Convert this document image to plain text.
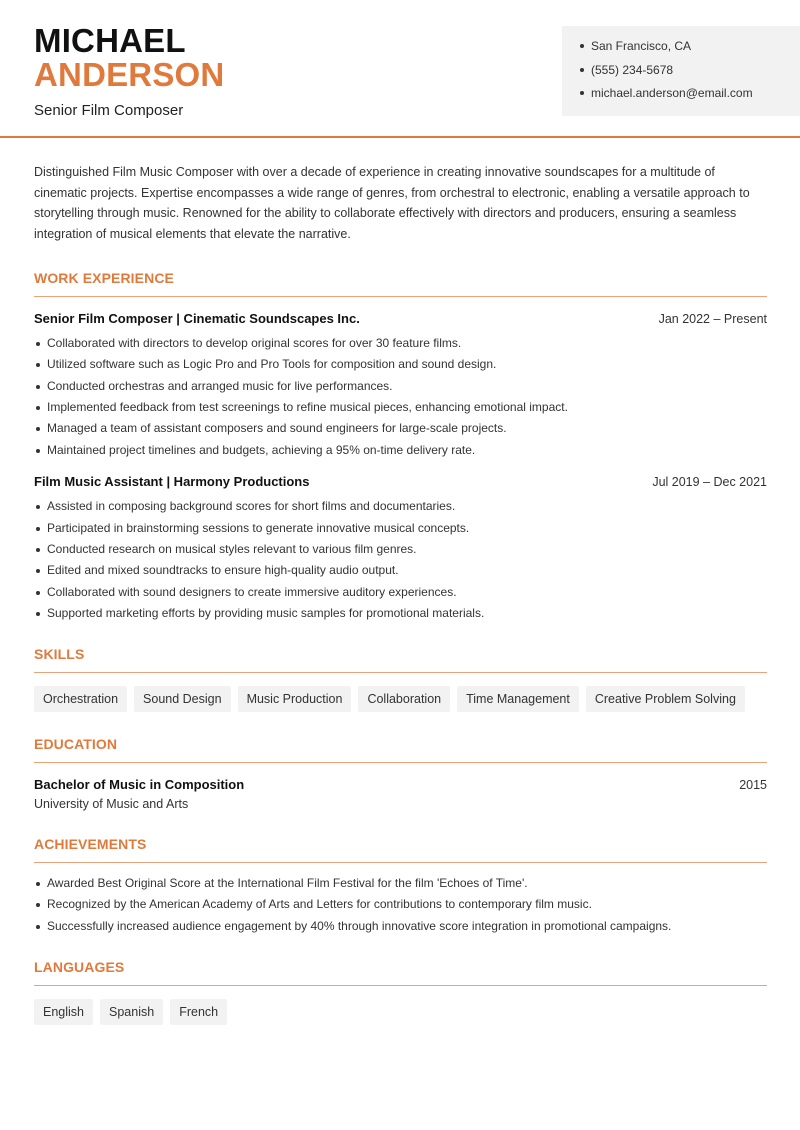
MICHAEL
ANDERSON
Senior Film Composer
San Francisco, CA
(555) 234-5678
michael.anderson@email.com

Distinguished Film Music Composer with over a decade of experience in creating innovative soundscapes for a multitude of cinematic projects. Expertise encompasses a wide range of genres, from orchestral to electronic, enabling a versatile approach to storytelling through music. Renowned for the ability to collaborate effectively with directors and producers, ensuring a seamless integration of musical elements that elevate the narrative.

WORK EXPERIENCE
Senior Film Composer | Cinematic Soundscapes Inc.	Jan 2022 – Present
Collaborated with directors to develop original scores for over 30 feature films.
Utilized software such as Logic Pro and Pro Tools for composition and sound design.
Conducted orchestras and arranged music for live performances.
Implemented feedback from test screenings to refine musical pieces, enhancing emotional impact.
Managed a team of assistant composers and sound engineers for large-scale projects.
Maintained project timelines and budgets, achieving a 95% on-time delivery rate.
Film Music Assistant | Harmony Productions	Jul 2019 – Dec 2021
Assisted in composing background scores for short films and documentaries.
Participated in brainstorming sessions to generate innovative musical concepts.
Conducted research on musical styles relevant to various film genres.
Edited and mixed soundtracks to ensure high-quality audio output.
Collaborated with sound designers to create immersive auditory experiences.
Supported marketing efforts by providing music samples for promotional materials.
SKILLS
Orchestration	Sound Design	Music Production	Collaboration	Time Management	Creative Problem Solving
EDUCATION
Bachelor of Music in Composition	2015
University of Music and Arts
ACHIEVEMENTS
Awarded Best Original Score at the International Film Festival for the film 'Echoes of Time'.
Recognized by the American Academy of Arts and Letters for contributions to contemporary film music.
Successfully increased audience engagement by 40% through innovative score integration in promotional campaigns.
LANGUAGES
English	Spanish	French
